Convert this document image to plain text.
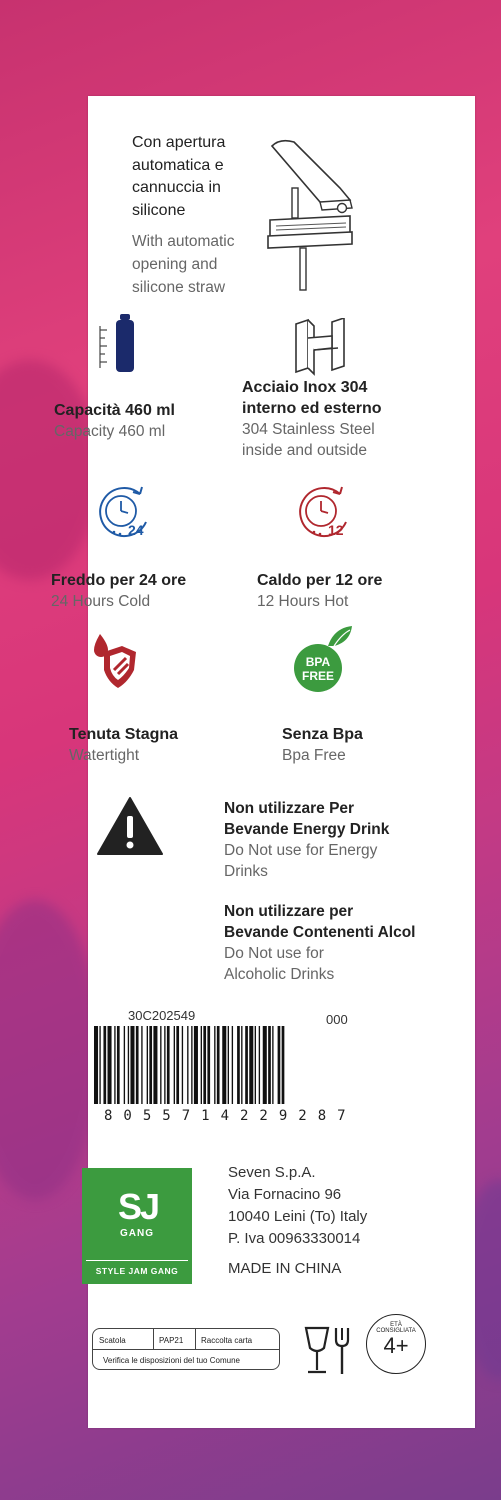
Con apertura
automatica e
cannuccia in
silicone
With automatic
opening and
silicone straw
Capacità 460 ml
Capacity 460 ml
Acciaio Inox 304
interno ed esterno
304 Stainless Steel
inside and outside
24
Freddo per 24 ore
24 Hours Cold
12
Caldo per 12 ore
12 Hours Hot
Tenuta Stagna
Watertight
BPA
FREE
Senza Bpa
Bpa Free
Non utilizzare Per
Bevande Energy Drink
Do Not use for Energy
Drinks
Non utilizzare per
Bevande Contenenti Alcol
Do Not use for
Alcoholic Drinks
30C202549	000
8055714229287
SJ
GANG
STYLE JAM GANG
Seven S.p.A.
Via Fornacino 96
10040 Leini (To) Italy
P. Iva 00963330014
MADE IN CHINA
Scatola	PAP21 Raccolta carta
Verifica le disposizioni del tuo Comune
ETÀ
CONSIGLIATA
4+
